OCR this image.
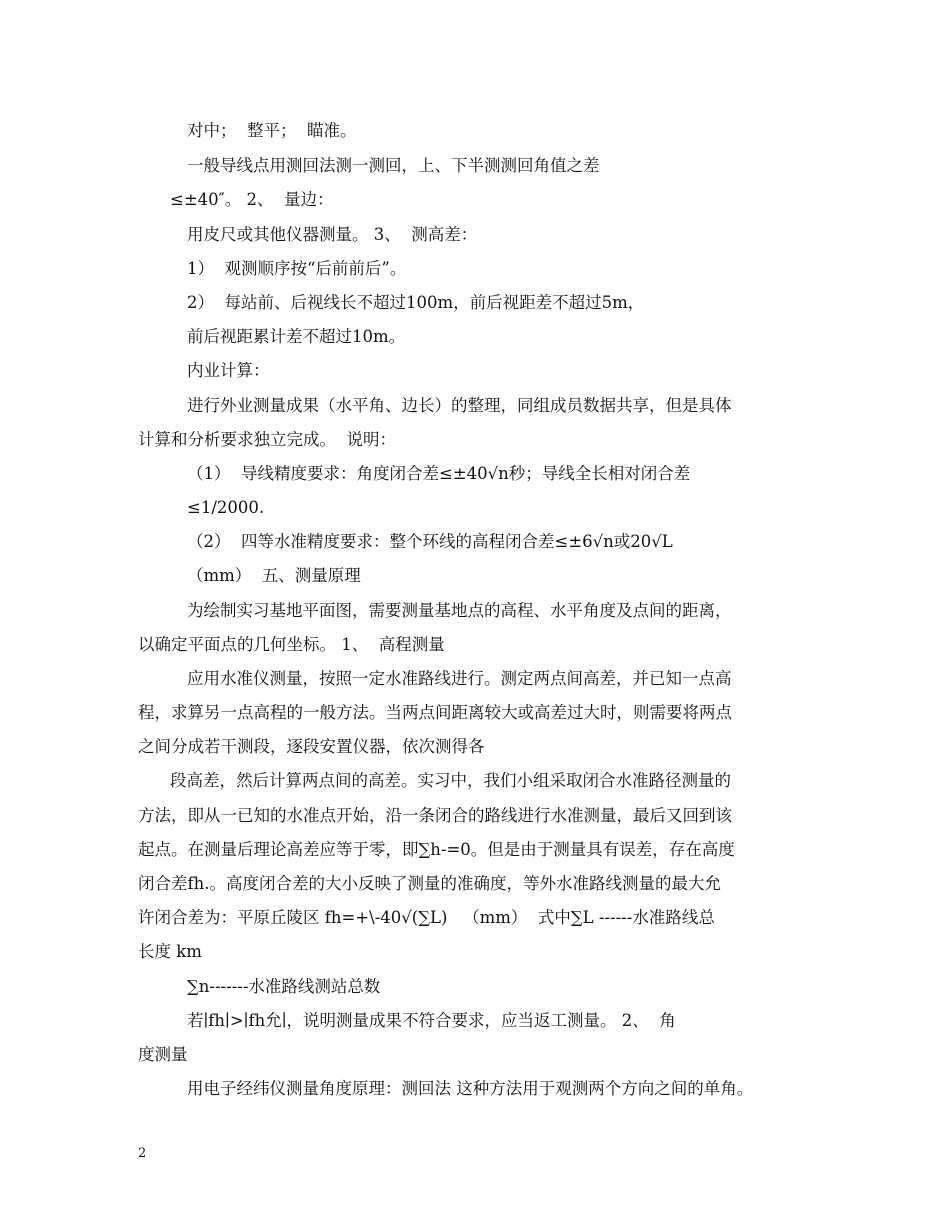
对中；  整平；  瞄准。
一般导线点用测回法测一测回，上、下半测测回角值之差
≤±40″。 2、  量边：
用皮尺或其他仪器测量。 3、  测高差：
1）  观测顺序按“后前前后”。
2）  每站前、后视线长不超过100m，前后视距差不超过5m，
前后视距累计差不超过10m。
内业计算：
进行外业测量成果（水平角、边长）的整理，同组成员数据共享，但是具体
计算和分析要求独立完成。  说明：
（1）  导线精度要求：角度闭合差≤±40√n秒；导线全长相对闭合差
≤1/2000.
（2）  四等水准精度要求：整个环线的高程闭合差≤±6√n或20√L
（mm）  五、测量原理
为绘制实习基地平面图，需要测量基地点的高程、水平角度及点间的距离，
以确定平面点的几何坐标。 1、  高程测量
应用水准仪测量，按照一定水准路线进行。测定两点间高差，并已知一点高
程，求算另一点高程的一般方法。当两点间距离较大或高差过大时，则需要将两点
之间分成若干测段，逐段安置仪器，依次测得各
段高差，然后计算两点间的高差。实习中，我们小组采取闭合水准路径测量的
方法，即从一已知的水准点开始，沿一条闭合的路线进行水准测量，最后又回到该
起点。在测量后理论高差应等于零，即∑h-=0。但是由于测量具有误差，存在高度
闭合差fh.。高度闭合差的大小反映了测量的准确度，等外水准路线测量的最大允
许闭合差为：平原丘陵区 fh=+\-40√(∑L)   （mm）  式中∑L ------水准路线总
长度 km
∑n-------水准路线测站总数
若∣fh∣>∣fh允∣，说明测量成果不符合要求，应当返工测量。 2、  角
度测量
用电子经纬仪测量角度原理：测回法 这种方法用于观测两个方向之间的单角。
2
